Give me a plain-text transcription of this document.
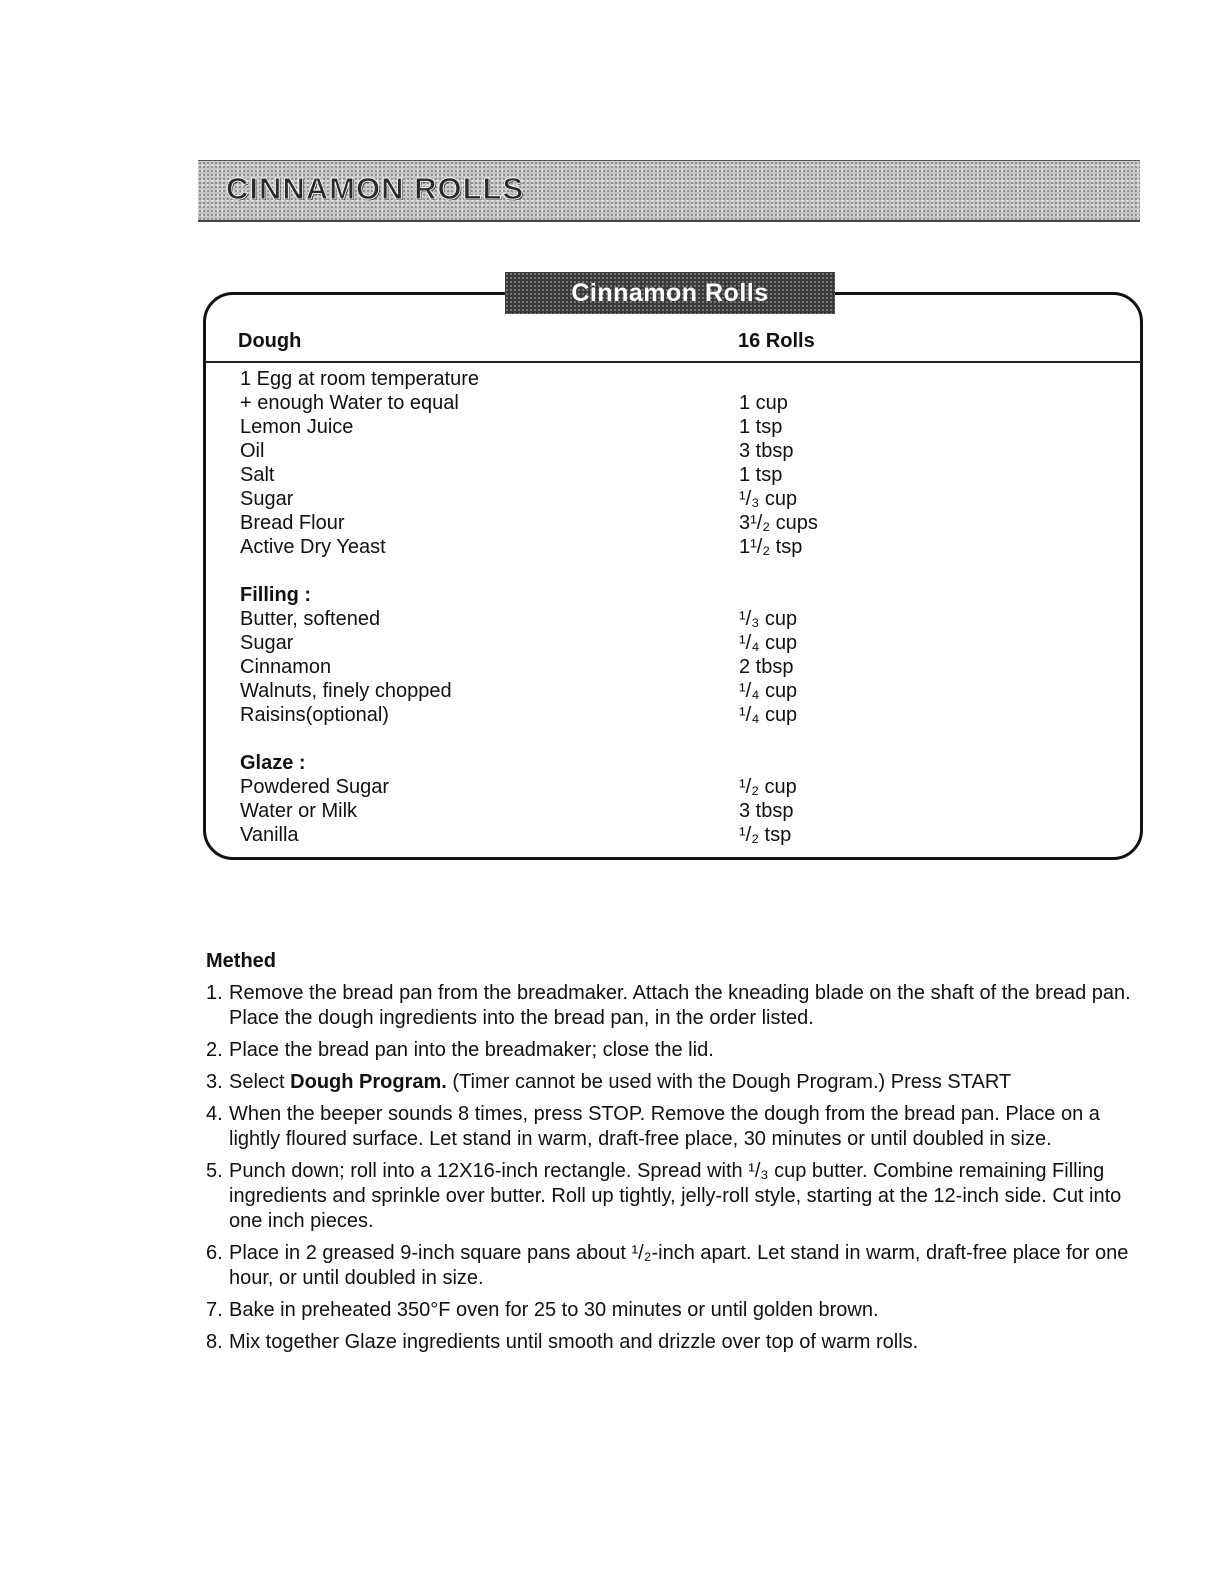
CINNAMON ROLLS
Cinnamon Rolls
Dough	16 Rolls
1 Egg at room temperature
+ enough Water to equal	1 cup
Lemon Juice	1 tsp
Oil	3 tbsp
Salt	1 tsp
Sugar	¹/₃ cup
Bread Flour	3¹/₂ cups
Active Dry Yeast	1¹/₂ tsp
Filling :
Butter, softened	¹/₃ cup
Sugar	¹/₄ cup
Cinnamon	2 tbsp
Walnuts, finely chopped	¹/₄ cup
Raisins(optional)	¹/₄ cup
Glaze :
Powdered Sugar	¹/₂ cup
Water or Milk	3 tbsp
Vanilla	¹/₂ tsp
Methed
1. Remove the bread pan from the breadmaker. Attach the kneading blade on the shaft of the bread pan. Place the dough ingredients into the bread pan, in the order listed.
2. Place the bread pan into the breadmaker; close the lid.
3. Select Dough Program. (Timer cannot be used with the Dough Program.) Press START
4. When the beeper sounds 8 times, press STOP. Remove the dough from the bread pan. Place on a lightly floured surface. Let stand in warm, draft-free place, 30 minutes or until doubled in size.
5. Punch down; roll into a 12X16-inch rectangle. Spread with ¹/₃ cup butter. Combine remaining Filling ingredients and sprinkle over butter. Roll up tightly, jelly-roll style, starting at the 12-inch side. Cut into one inch pieces.
6. Place in 2 greased 9-inch square pans about ¹/₂-inch apart. Let stand in warm, draft-free place for one hour, or until doubled in size.
7. Bake in preheated 350°F oven for 25 to 30 minutes or until golden brown.
8. Mix together Glaze ingredients until smooth and drizzle over top of warm rolls.
